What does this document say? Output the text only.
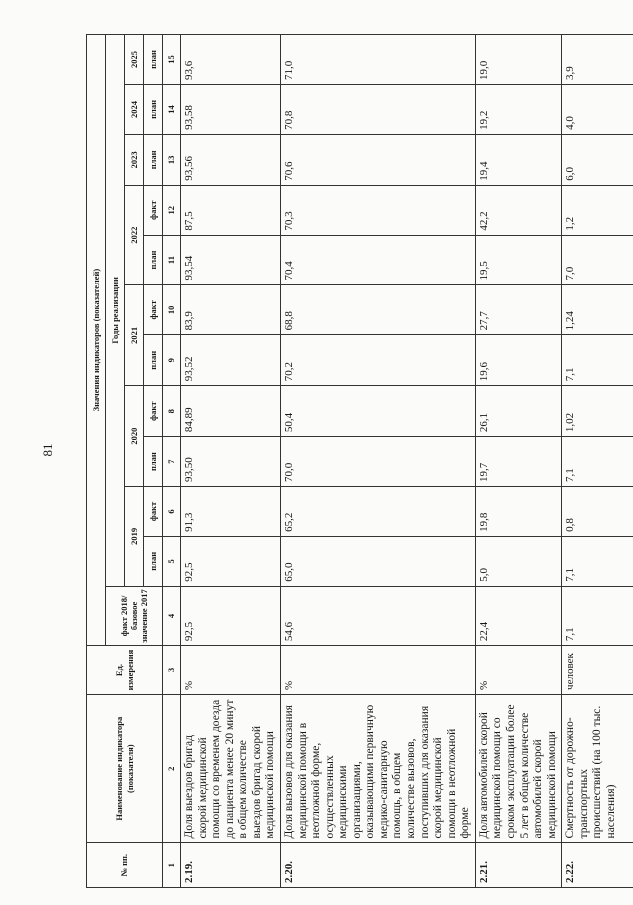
81
№ пп.	Наименование индикатора (показателя)	Ед. измерения	Значения индикаторов (показателей)											
			факт 2018/базовое значение 2017	Годы реализации										
				2019		2020		2021		2022		2023	2024	2025
				план	факт	план	факт	план	факт	план	факт	план	план	план
1	2	3	4	5	6	7	8	9	10	11	12	13	14	15
2.19.	Доля выездов бригад скорой медицинской помощи со временем доезда до пациента менее 20 минут в общем количестве выездов бригад скорой медицинской помощи	%	92,5	92,5	91,3	93,50	84,89	93,52	83,9	93,54	87,5	93,56	93,58	93,6
2.20.	Доля вызовов для оказания медицинской помощи в неотложной форме, осуществленных медицинскими организациями, оказывающими первичную медико-санитарную помощь, в общем количестве вызовов, поступивших для оказания скорой медицинской помощи в неотложной форме	%	54,6	65,0	65,2	70,0	50,4	70,2	68,8	70,4	70,3	70,6	70,8	71,0
2.21.	Доля автомобилей скорой медицинской помощи со сроком эксплуатации более 5 лет в общем количестве автомобилей скорой медицинской помощи	%	22,4	5,0	19,8	19,7	26,1	19,6	27,7	19,5	42,2	19,4	19,2	19,0
2.22.	Смертность от дорожно-транспортных происшествий (на 100 тыс. населения)	человек	7,1	7,1	0,8	7,1	1,02	7,1	1,24	7,0	1,2	6,0	4,0	3,9
